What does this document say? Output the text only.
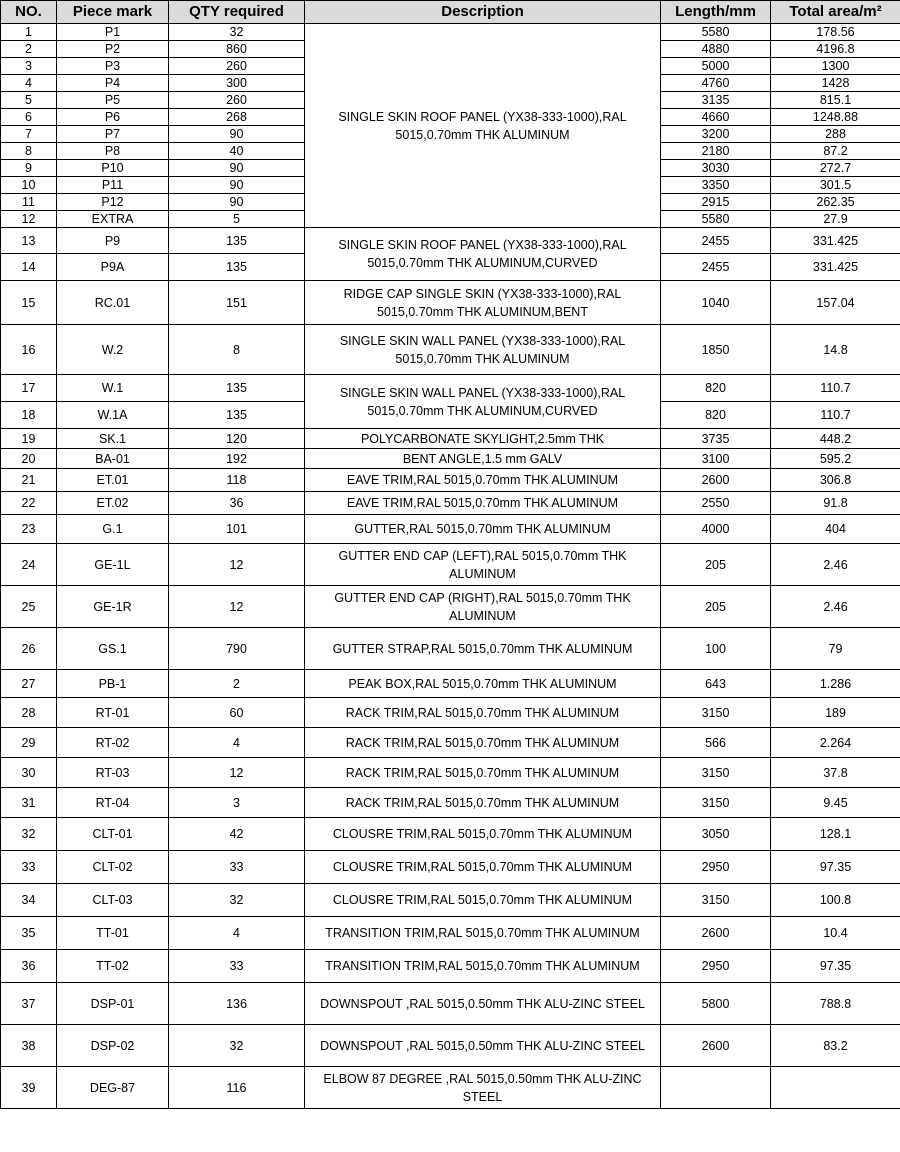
NO.	Piece mark	QTY required	Description	Length/mm	Total area/m²
1	P1	32	SINGLE SKIN ROOF PANEL (YX38-333-1000),RAL 5015,0.70mm THK ALUMINUM	5580	178.56
2	P2	860		4880	4196.8
3	P3	260		5000	1300
4	P4	300		4760	1428
5	P5	260		3135	815.1
6	P6	268		4660	1248.88
7	P7	90		3200	288
8	P8	40		2180	87.2
9	P10	90		3030	272.7
10	P11	90		3350	301.5
11	P12	90		2915	262.35
12	EXTRA	5		5580	27.9
13	P9	135	SINGLE SKIN ROOF PANEL (YX38-333-1000),RAL 5015,0.70mm THK ALUMINUM,CURVED	2455	331.425
14	P9A	135		2455	331.425
15	RC.01	151	RIDGE CAP SINGLE SKIN (YX38-333-1000),RAL 5015,0.70mm THK ALUMINUM,BENT	1040	157.04
16	W.2	8	SINGLE SKIN WALL PANEL (YX38-333-1000),RAL 5015,0.70mm THK ALUMINUM	1850	14.8
17	W.1	135	SINGLE SKIN WALL PANEL (YX38-333-1000),RAL 5015,0.70mm THK ALUMINUM,CURVED	820	110.7
18	W.1A	135		820	110.7
19	SK.1	120	POLYCARBONATE SKYLIGHT,2.5mm THK	3735	448.2
20	BA-01	192	BENT ANGLE,1.5 mm GALV	3100	595.2
21	ET.01	118	EAVE TRIM,RAL 5015,0.70mm THK ALUMINUM	2600	306.8
22	ET.02	36	EAVE TRIM,RAL 5015,0.70mm THK ALUMINUM	2550	91.8
23	G.1	101	GUTTER,RAL 5015,0.70mm THK ALUMINUM	4000	404
24	GE-1L	12	GUTTER END CAP (LEFT),RAL 5015,0.70mm THK ALUMINUM	205	2.46
25	GE-1R	12	GUTTER END CAP (RIGHT),RAL 5015,0.70mm THK ALUMINUM	205	2.46
26	GS.1	790	GUTTER STRAP,RAL 5015,0.70mm THK ALUMINUM	100	79
27	PB-1	2	PEAK BOX,RAL 5015,0.70mm THK ALUMINUM	643	1.286
28	RT-01	60	RACK TRIM,RAL 5015,0.70mm THK ALUMINUM	3150	189
29	RT-02	4	RACK TRIM,RAL 5015,0.70mm THK ALUMINUM	566	2.264
30	RT-03	12	RACK TRIM,RAL 5015,0.70mm THK ALUMINUM	3150	37.8
31	RT-04	3	RACK TRIM,RAL 5015,0.70mm THK ALUMINUM	3150	9.45
32	CLT-01	42	CLOUSRE TRIM,RAL 5015,0.70mm THK ALUMINUM	3050	128.1
33	CLT-02	33	CLOUSRE TRIM,RAL 5015,0.70mm THK ALUMINUM	2950	97.35
34	CLT-03	32	CLOUSRE TRIM,RAL 5015,0.70mm THK ALUMINUM	3150	100.8
35	TT-01	4	TRANSITION TRIM,RAL 5015,0.70mm THK ALUMINUM	2600	10.4
36	TT-02	33	TRANSITION TRIM,RAL 5015,0.70mm THK ALUMINUM	2950	97.35
37	DSP-01	136	DOWNSPOUT ,RAL 5015,0.50mm THK ALU-ZINC STEEL	5800	788.8
38	DSP-02	32	DOWNSPOUT ,RAL 5015,0.50mm THK ALU-ZINC STEEL	2600	83.2
39	DEG-87	116	ELBOW 87 DEGREE ,RAL 5015,0.50mm THK ALU-ZINC STEEL		
